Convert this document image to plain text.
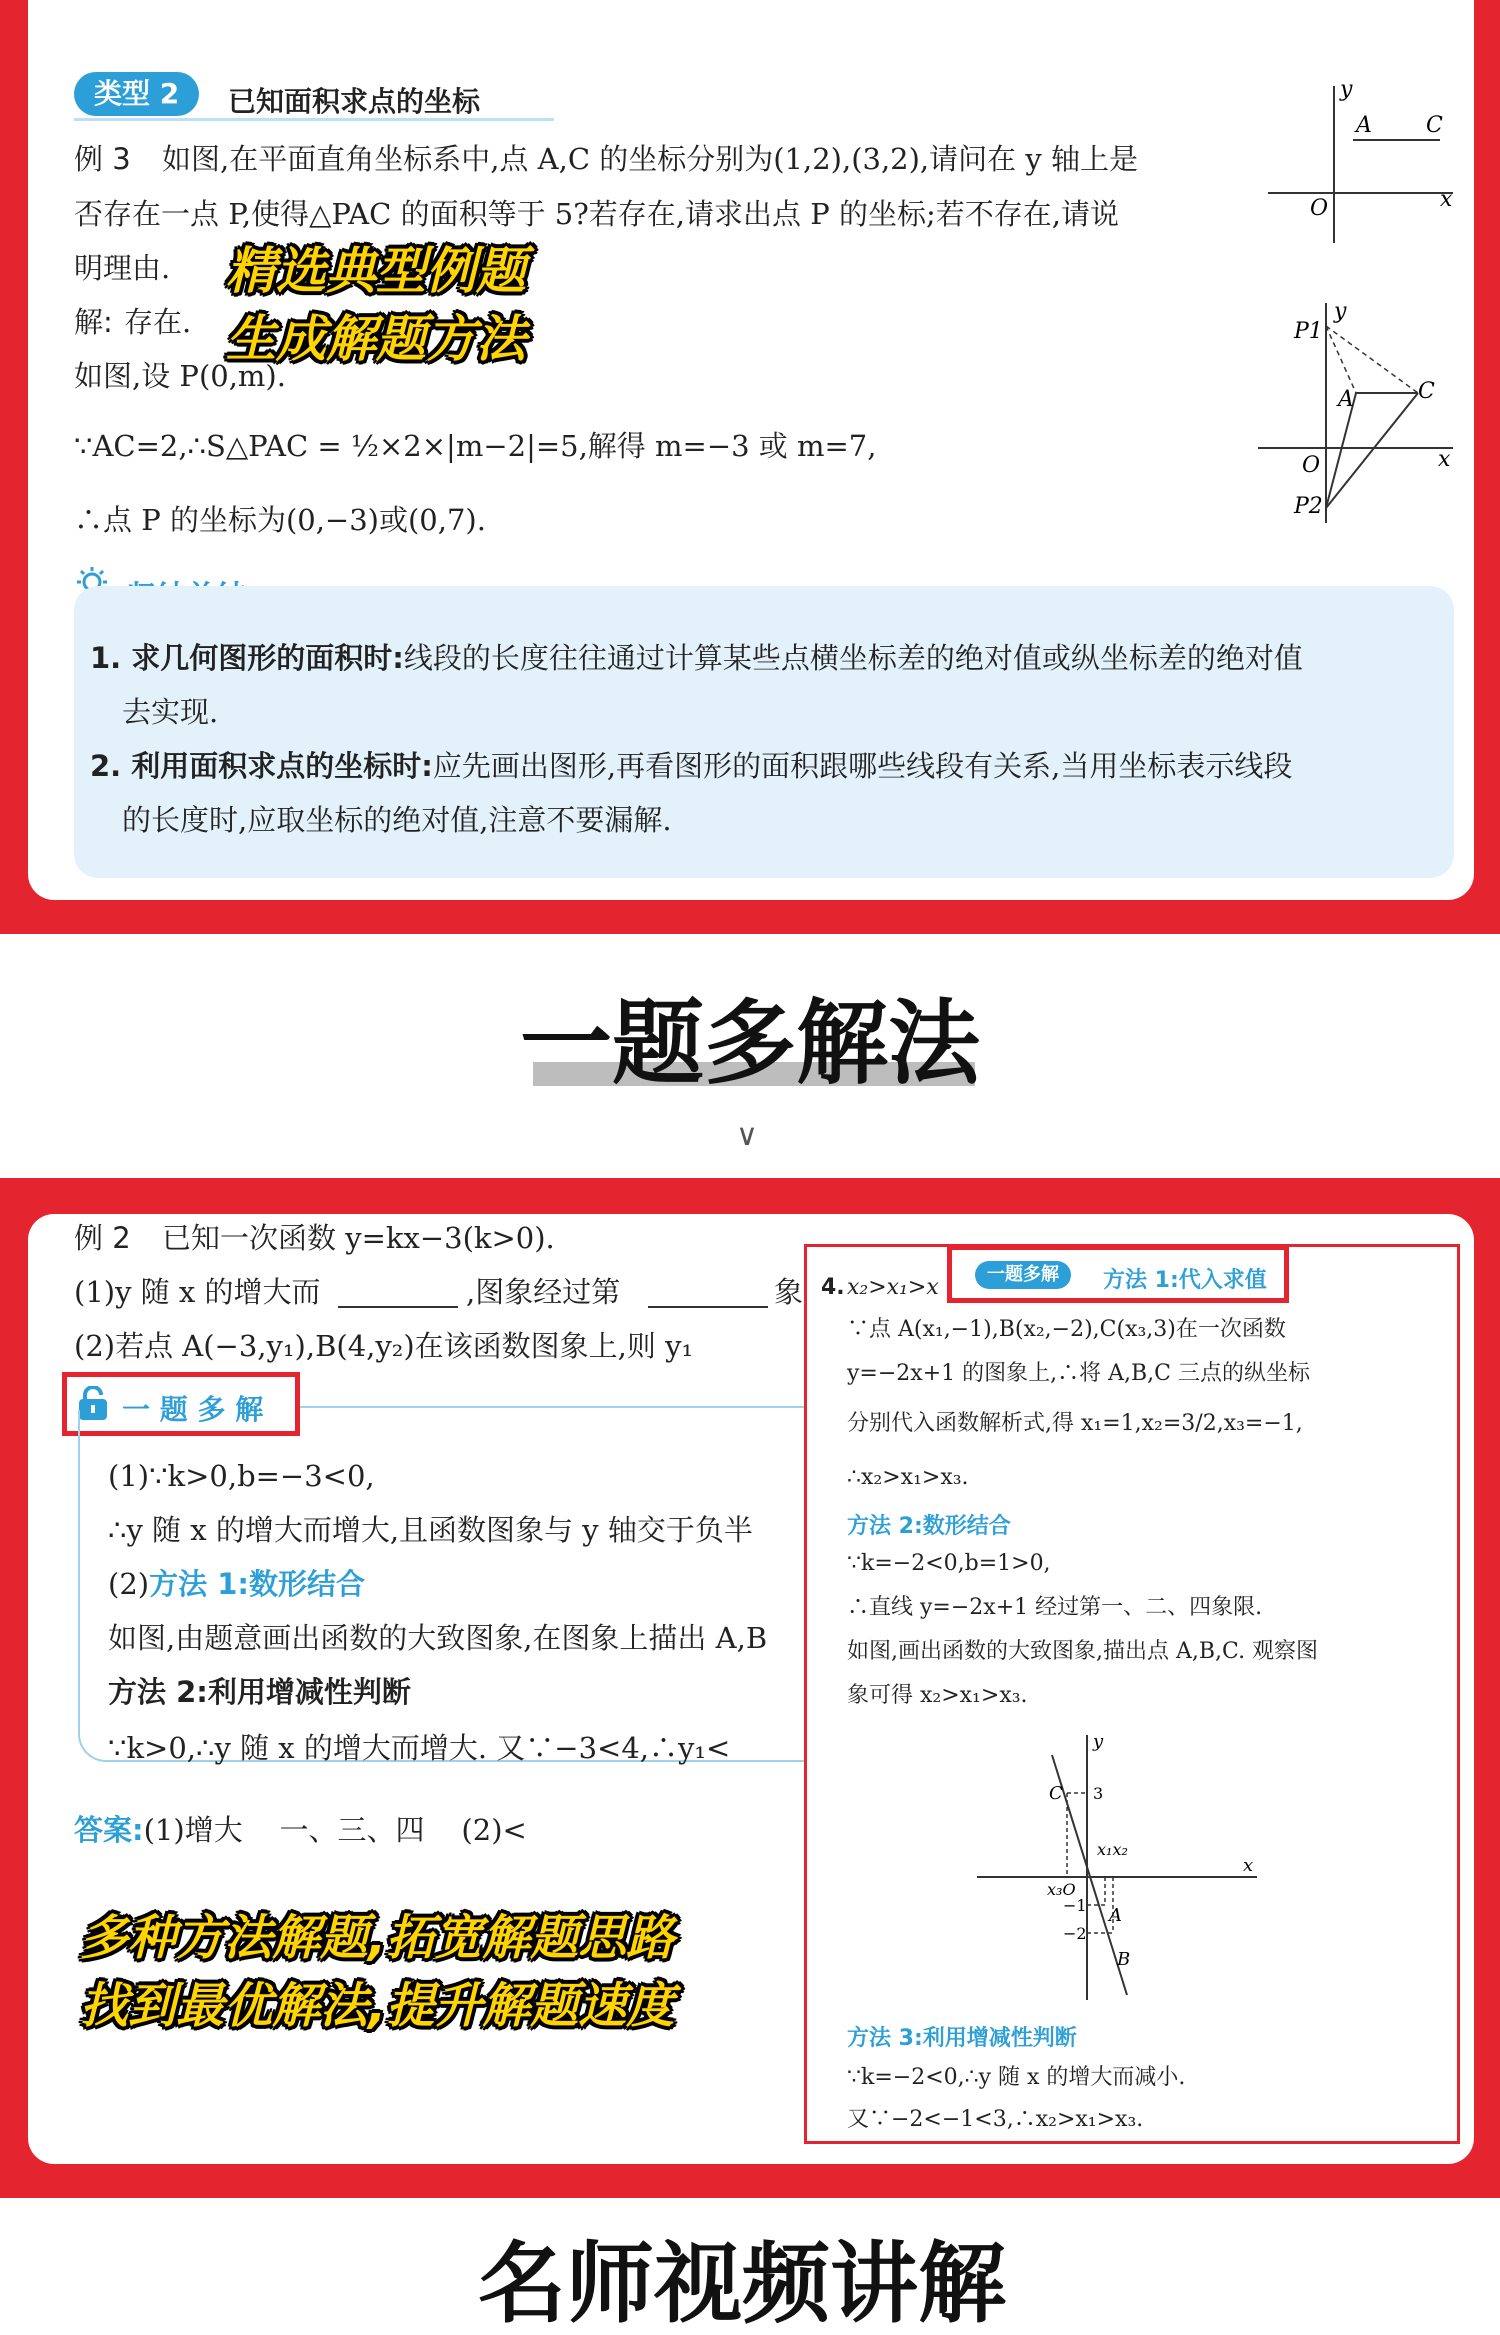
类型 2	已知面积求点的坐标
例 3 如图,在平面直角坐标系中,点 A,C 的坐标分别为(1,2),(3,2),请问在 y 轴上是
否存在一点 P,使得△PAC 的面积等于 5?若存在,请求出点 P 的坐标;若不存在,请说
明理由.
解: 存在.
如图,设 P(0,m).
∵AC=2,∴S△PAC = ½×2×|m−2|=5,解得 m=−3 或 m=7,
∴点 P 的坐标为(0,−3)或(0,7).
精选典型例题
生成解题方法
y
x
O
A C
y
x
O
A	C
P1
P2
1. 求几何图形的面积时:线段的长度往往通过计算某些点横坐标差的绝对值或纵坐标差的绝对值
去实现.
2. 利用面积求点的坐标时:应先画出图形,再看图形的面积跟哪些线段有关系,当用坐标表示线段
的长度时,应取坐标的绝对值,注意不要漏解.
一题多解法
∨
例 2 已知一次函数 y=kx−3(k>0).
(1)y 随 x 的增大而	,图象经过第	象
(2)若点 A(−3,y₁),B(4,y₂)在该函数图象上,则 y₁
一 题 多 解
(1)∵k>0,b=−3<0,
∴y 随 x 的增大而增大,且函数图象与 y 轴交于负半
(2)方法 1:数形结合
如图,由题意画出函数的大致图象,在图象上描出 A,B
方法 2:利用增减性判断
∵k>0,∴y 随 x 的增大而增大. 又∵−3<4,∴y₁<
答案:(1)增大    一、三、四    (2)<
多种方法解题,拓宽解题思路
找到最优解法,提升解题速度
4. x₂>x₁>x
一题多解	方法 1:代入求值
∵点 A(x₁,−1),B(x₂,−2),C(x₃,3)在一次函数
y=−2x+1 的图象上,∴将 A,B,C 三点的纵坐标
分别代入函数解析式,得 x₁=1,x₂=3/2,x₃=−1,
∴x₂>x₁>x₃.
方法 2:数形结合
∵k=−2<0,b=1>0,
∴直线 y=−2x+1 经过第一、二、四象限.
如图,画出函数的大致图象,描出点 A,B,C. 观察图
象可得 x₂>x₁>x₃.
y
x
C 3
x₁x₂
x₃O
−1
−2
A
B
方法 3:利用增减性判断
∵k=−2<0,∴y 随 x 的增大而减小.
又∵−2<−1<3,∴x₂>x₁>x₃.
名师视频讲解
